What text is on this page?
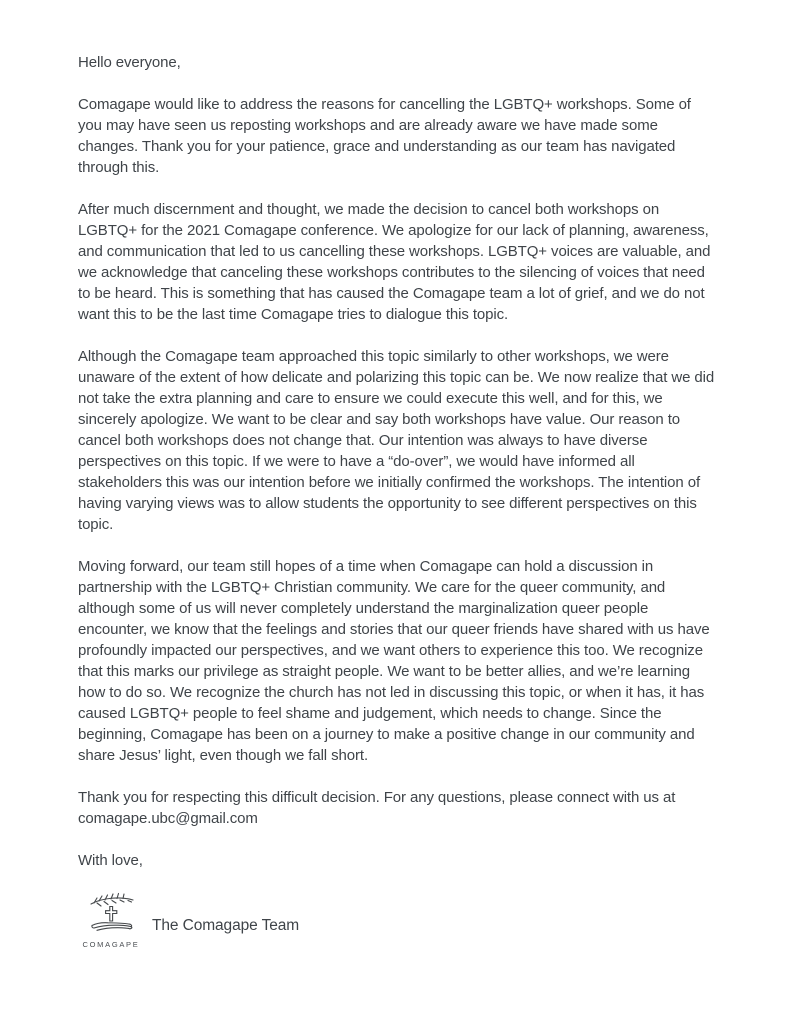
Hello everyone,

Comagape would like to address the reasons for cancelling the LGBTQ+ workshops. Some of you may have seen us reposting workshops and are already aware we have made some changes. Thank you for your patience, grace and understanding as our team has navigated through this.

After much discernment and thought, we made the decision to cancel both workshops on LGBTQ+ for the 2021 Comagape conference. We apologize for our lack of planning, awareness, and communication that led to us cancelling these workshops. LGBTQ+ voices are valuable, and we acknowledge that canceling these workshops contributes to the silencing of voices that need to be heard. This is something that has caused the Comagape team a lot of grief, and we do not want this to be the last time Comagape tries to dialogue this topic.

Although the Comagape team approached this topic similarly to other workshops, we were unaware of the extent of how delicate and polarizing this topic can be. We now realize that we did not take the extra planning and care to ensure we could execute this well, and for this, we sincerely apologize. We want to be clear and say both workshops have value. Our reason to cancel both workshops does not change that. Our intention was always to have diverse perspectives on this topic. If we were to have a “do-over”, we would have informed all stakeholders this was our intention before we initially confirmed the workshops. The intention of having varying views was to allow students the opportunity to see different perspectives on this topic.

Moving forward, our team still hopes of a time when Comagape can hold a discussion in partnership with the LGBTQ+ Christian community. We care for the queer community, and although some of us will never completely understand the marginalization queer people encounter, we know that the feelings and stories that our queer friends have shared with us have profoundly impacted our perspectives, and we want others to experience this too. We recognize that this marks our privilege as straight people. We want to be better allies, and we’re learning how to do so. We recognize the church has not led in discussing this topic, or when it has, it has caused LGBTQ+ people to feel shame and judgement, which needs to change. Since the beginning, Comagape has been on a journey to make a positive change in our community and share Jesus’ light, even though we fall short.

Thank you for respecting this difficult decision. For any questions, please connect with us at comagape.ubc@gmail.com

With love,

COMAGAPE
The Comagape Team
